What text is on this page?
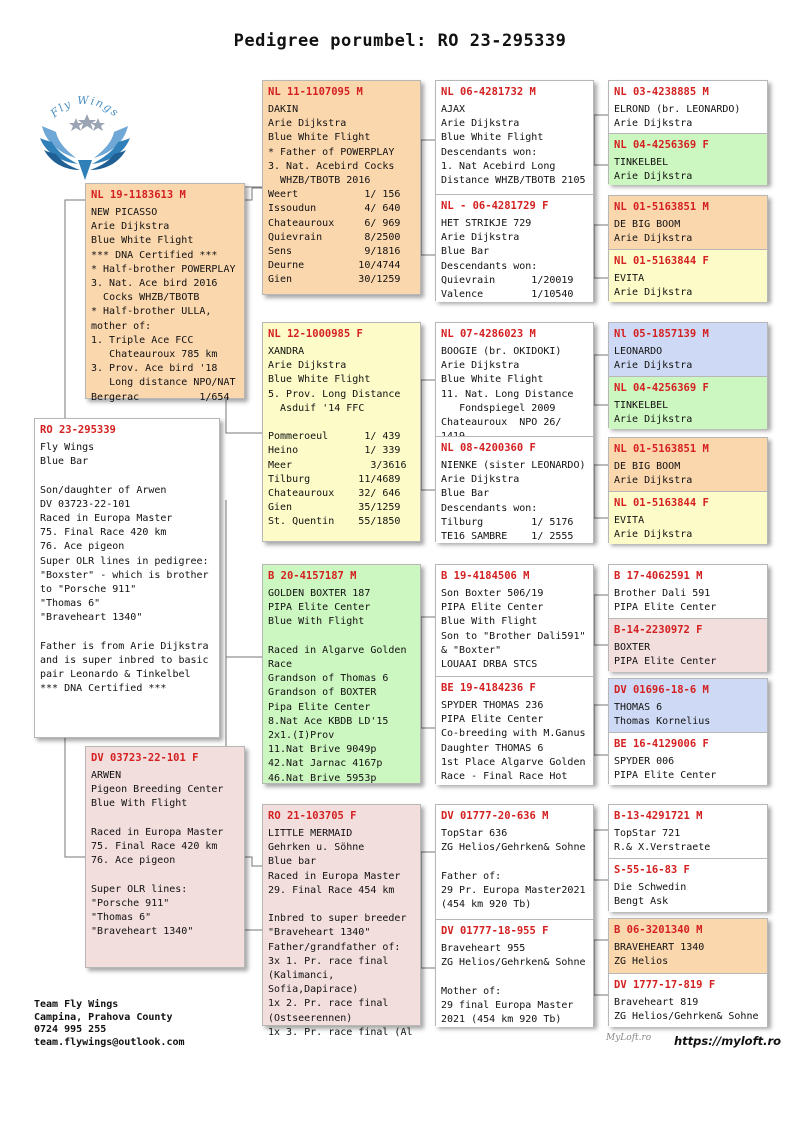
Pedigree porumbel: RO 23-295339
Fly Wings
RO 23-295339
Fly Wings
Blue Bar

Son/daughter of Arwen
DV 03723-22-101
Raced in Europa Master
75. Final Race 420 km
76. Ace pigeon
Super OLR lines in pedigree:
"Boxster" - which is brother to "Porsche 911"
"Thomas 6"
"Braveheart 1340"

Father is from Arie Dijkstra and is super inbred to basic pair Leonardo & Tinkelbel
*** DNA Certified ***
NL 19-1183613 M
NEW PICASSO
Arie Dijkstra
Blue White Flight
*** DNA Certified ***
* Half-brother POWERPLAY
3. Nat. Ace bird 2016
Cocks WHZB/TBOTB
* Half-brother ULLA, mother of:
1. Triple Ace FCC
Chateauroux 785 km
3. Prov. Ace bird '18
Long distance NPO/NAT
Bergerac          1/654
DV 03723-22-101 F
ARWEN
Pigeon Breeding Center
Blue With Flight

Raced in Europa Master
75. Final Race 420 km
76. Ace pigeon

Super OLR lines:
"Porsche 911"
"Thomas 6"
"Braveheart 1340"
NL 11-1107095 M
DAKIN
Arie Dijkstra
Blue White Flight
* Father of POWERPLAY
3. Nat. Acebird Cocks
WHZB/TBOTB 2016
Weert           1/ 156
Issoudun        4/ 640
Chateauroux     6/ 969
Quievrain       8/2500
Sens            9/1816
Deurne         10/4744
Gien           30/1259
NL 12-1000985 F
XANDRA
Arie Dijkstra
Blue White Flight
5. Prov. Long Distance
Asduif '14 FFC

Pommeroeul      1/ 439
Heino           1/ 339
Meer             3/3616
Tilburg        11/4689
Chateauroux    32/ 646
Gien           35/1259
St. Quentin    55/1850
B 20-4157187 M
GOLDEN BOXTER 187
PIPA Elite Center
Blue With Flight

Raced in Algarve Golden Race
Grandson of Thomas 6
Grandson of BOXTER
Pipa Elite Center
8.Nat Ace KBDB LD'15
2x1.(I)Prov
11.Nat Brive 9049p
42.Nat Jarnac 4167p
46.Nat Brive 5953p
RO 21-103705 F
LITTLE MERMAID
Gehrken u. Söhne
Blue bar
Raced in Europa Master
29. Final Race 454 km

Inbred to super breeder "Braveheart 1340"
Father/grandfather of:
3x 1. Pr. race final (Kalimanci, Sofia,Dapirace)
1x 2. Pr. race final (Ostseerennen)
1x 3. Pr. race final (Al
NL 06-4281732 M
AJAX
Arie Dijkstra
Blue White Flight
Descendants won:
1. Nat Acebird Long
Distance WHZB/TBOTB 2105
NL - 06-4281729 F
HET STRIKJE 729
Arie Dijkstra
Blue Bar
Descendants won:
Quievrain      1/20019
Valence        1/10540
NL 07-4286023 M
BOOGIE (br. OKIDOKI)
Arie Dijkstra
Blue White Flight
11. Nat. Long Distance
Fondspiegel 2009
Chateauroux  NPO 26/
NL 08-4200360 F
NIENKE (sister LEONARDO)
Arie Dijkstra
Blue Bar
Descendants won:
Tilburg        1/ 5176
TE16 SAMBRE    1/ 2555
B 19-4184506 M
Son Boxter 506/19
PIPA Elite Center
Blue With Flight
Son to "Brother Dali591" & "Boxter"
LOUAAI DRBA STCS
BE 19-4184236 F
SPYDER THOMAS 236
PIPA Elite Center
Co-breeding with M.Ganus
Daughter THOMAS 6
1st Place Algarve Golden
Race - Final Race Hot
DV 01777-20-636 M
TopStar 636
ZG Helios/Gehrken& Sohne

Father of:
29 Pr. Europa Master2021
(454 km 920 Tb)
DV 01777-18-955 F
Braveheart 955
ZG Helios/Gehrken& Sohne

Mother of:
29 final Europa Master
2021 (454 km 920 Tb)
NL 03-4238885 M
ELROND (br. LEONARDO)
Arie Dijkstra
NL 04-4256369 F
TINKELBEL
Arie Dijkstra
NL 01-5163851 M
DE BIG BOOM
Arie Dijkstra
NL 01-5163844 F
EVITA
Arie Dijkstra
Nl 05-1857139 M
LEONARDO
Arie Dijkstra
NL 04-4256369 F
TINKELBEL
Arie Dijkstra
NL 01-5163851 M
DE BIG BOOM
Arie Dijkstra
NL 01-5163844 F
EVITA
Arie Dijkstra
B 17-4062591 M
Brother Dali 591
PIPA Elite Center
B-14-2230972 F
BOXTER
PIPA Elite Center
DV 01696-18-6 M
THOMAS 6
Thomas Kornelius
BE 16-4129006 F
SPYDER 006
PIPA Elite Center
B-13-4291721 M
TopStar 721
R.& X.Verstraete
S-55-16-83 F
Die Schwedin
Bengt Ask
B 06-3201340 M
BRAVEHEART 1340
ZG Helios
DV 1777-17-819 F
Braveheart 819
ZG Helios/Gehrken& Sohne
Team Fly Wings
Campina, Prahova County
0724 995 255
team.flywings@outlook.com	MyLoft.ro https://myloft.ro
